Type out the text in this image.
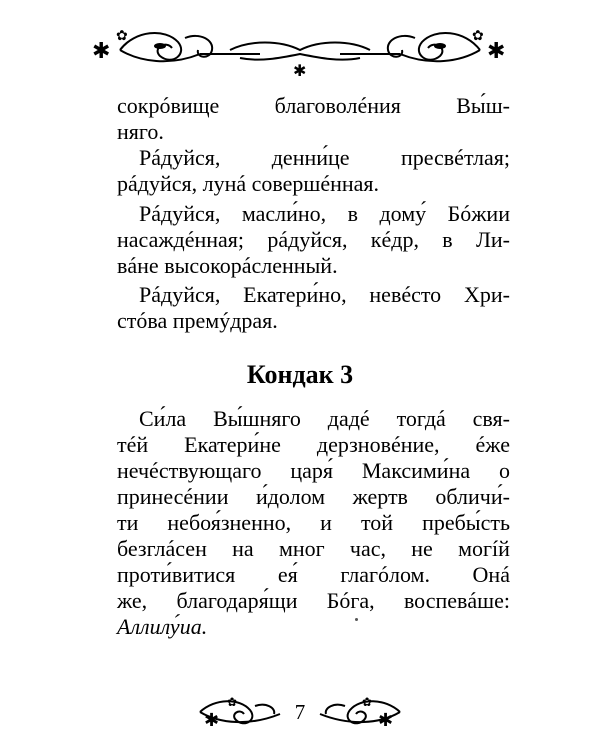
✱
✿
✱
✿
✱
сокрóвище	благоволéния	Вы́ш-
няго.
Рáдуйся, денни́це пресвéтлая;
рáдуйся, лунá совершéнная.
Рáдуйся, масли́но, в дому́ Бóжии
насаждéнная; рáдуйся, кéдр, в Ли-
вáне высокорáсленный.
Рáдуйся, Екатери́но, невéсто Хри-
стóва премýдрая.
Кондак 3
Си́ла Вы́шняго дадé тогдá свя-
тéй Екатери́не дерзновéние, éже
нечéствующаго царя́ Максими́на о
принесéнии и́долом жертв обличи́-
ти небоя́зненно, и той пребы́сть
безглáсен на мног час, не могíй
проти́витися ея́ глагóлом. Онá
же, благодаря́щи Бóга, воспевáше:
Аллилу́иа.
✱
✿
✱
✿
7
